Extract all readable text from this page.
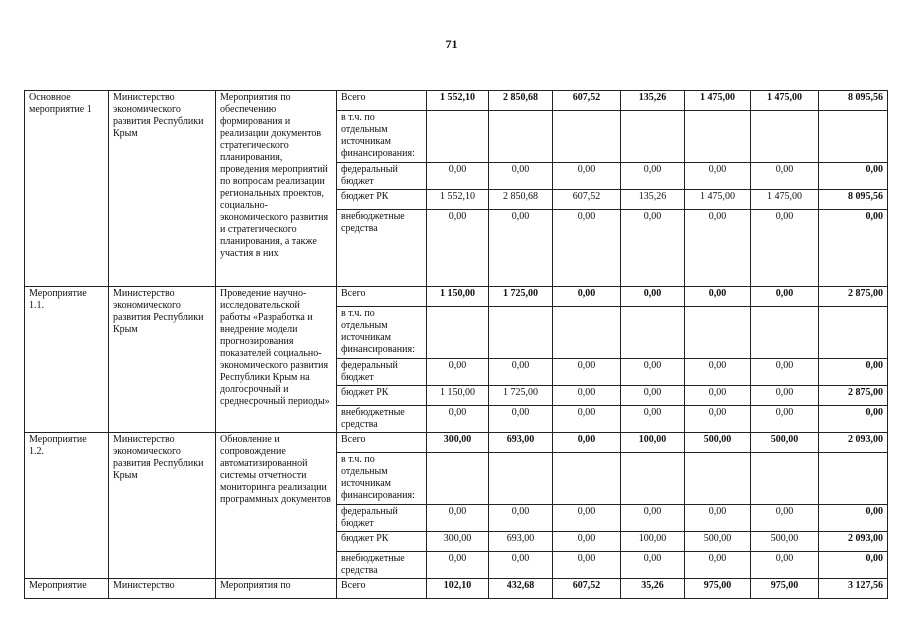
71
Основное мероприятие 1	Министерство экономического развития Республики Крым	Мероприятия по обеспечению формирования и реализации документов стратегического планирования, проведения мероприятий по вопросам реализации региональных проектов, социально-экономического развития и стратегического планирования, а также участия в них	Всего	1 552,10	2 850,68	607,52	135,26	1 475,00	1 475,00	8 095,56
			в т.ч. по отдельным источникам финансирования:							
			федеральный бюджет	0,00	0,00	0,00	0,00	0,00	0,00	0,00
			бюджет РК	1 552,10	2 850,68	607,52	135,26	1 475,00	1 475,00	8 095,56
			внебюджетные средства	0,00	0,00	0,00	0,00	0,00	0,00	0,00
Мероприятие 1.1.	Министерство экономического развития Республики Крым	Проведение научно-исследовательской работы «Разработка и внедрение модели прогнозирования показателей социально-экономического развития Республики Крым на долгосрочный и среднесрочный периоды»	Всего	1 150,00	1 725,00	0,00	0,00	0,00	0,00	2 875,00
			в т.ч. по отдельным источникам финансирования:							
			федеральный бюджет	0,00	0,00	0,00	0,00	0,00	0,00	0,00
			бюджет РК	1 150,00	1 725,00	0,00	0,00	0,00	0,00	2 875,00
			внебюджетные средства	0,00	0,00	0,00	0,00	0,00	0,00	0,00
Мероприятие 1.2.	Министерство экономического развития Республики Крым	Обновление и сопровождение автоматизированной системы отчетности мониторинга реализации программных документов	Всего	300,00	693,00	0,00	100,00	500,00	500,00	2 093,00
			в т.ч. по отдельным источникам финансирования:							
			федеральный бюджет	0,00	0,00	0,00	0,00	0,00	0,00	0,00
			бюджет РК	300,00	693,00	0,00	100,00	500,00	500,00	2 093,00
			внебюджетные средства	0,00	0,00	0,00	0,00	0,00	0,00	0,00
Мероприятие	Министерство	Мероприятия по	Всего	102,10	432,68	607,52	35,26	975,00	975,00	3 127,56
